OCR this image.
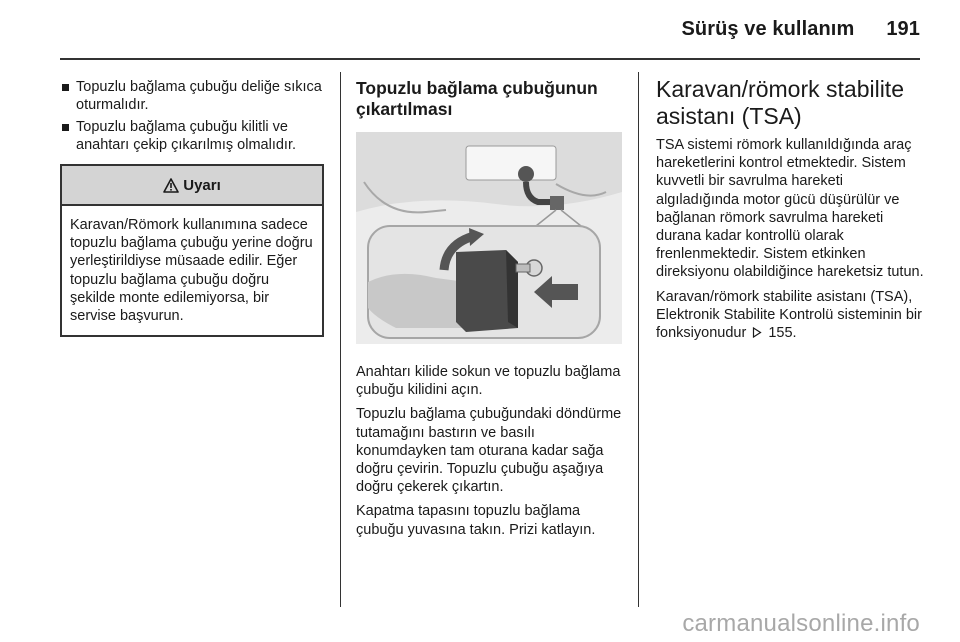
Sürüş ve kullanım 191
Topuzlu bağlama çubuğu deliğe sıkıca oturmalıdır.
Topuzlu bağlama çubuğu kilitli ve anahtarı çekip çıkarılmış olmalıdır.
Uyarı
Karavan/Römork kullanımına sadece topuzlu bağlama çubuğu yerine doğru yerleştirildiyse müsaade edilir. Eğer topuzlu bağlama çubuğu doğru şekilde monte edilemiyorsa, bir servise başvurun.
Topuzlu bağlama çubuğunun çıkartılması

Anahtarı kilide sokun ve topuzlu bağlama çubuğu kilidini açın.

Topuzlu bağlama çubuğundaki döndürme tutamağını bastırın ve basılı konumdayken tam oturana kadar sağa doğru çevirin. Topuzlu çubuğu aşağıya doğru çekerek çıkartın.

Kapatma tapasını topuzlu bağlama çubuğu yuvasına takın. Prizi katlayın.

Karavan/römork stabilite asistanı (TSA)

TSA sistemi römork kullanıldığında araç hareketlerini kontrol etmektedir. Sistem kuvvetli bir savrulma hareketi algıladığında motor gücü düşürülür ve bağlanan römork savrulma hareketi durana kadar kontrollü olarak frenlenmektedir. Sistem etkinken direksiyonu olabildiğince hareketsiz tutun.

Karavan/römork stabilite asistanı (TSA), Elektronik Stabilite Kontrolü sisteminin bir fonksiyonudur 155.

carmanualsonline.info
